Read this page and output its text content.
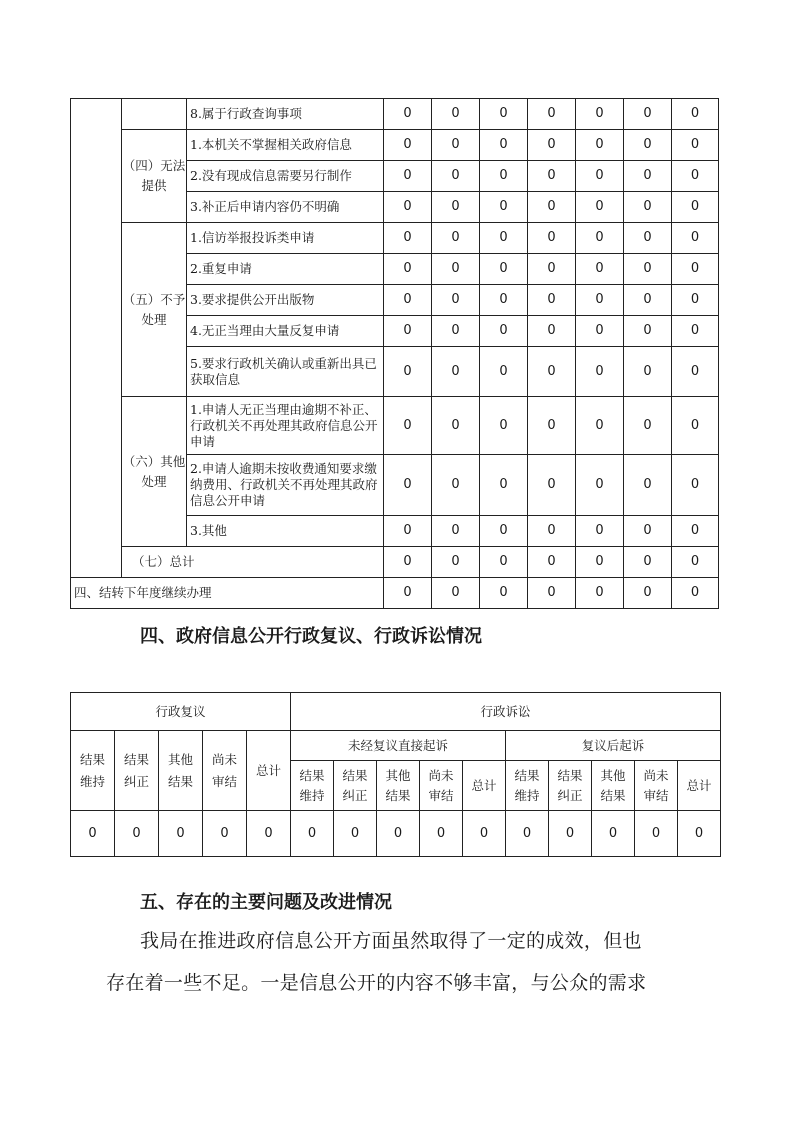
		8.属于行政查询事项	0	0	0	0	0	0	0
	（四）无法提供	1.本机关不掌握相关政府信息	0	0	0	0	0	0	0
		2.没有现成信息需要另行制作	0	0	0	0	0	0	0
		3.补正后申请内容仍不明确	0	0	0	0	0	0	0
	（五）不予处理	1.信访举报投诉类申请	0	0	0	0	0	0	0
		2.重复申请	0	0	0	0	0	0	0
		3.要求提供公开出版物	0	0	0	0	0	0	0
		4.无正当理由大量反复申请	0	0	0	0	0	0	0
		5.要求行政机关确认或重新出具已获取信息	0	0	0	0	0	0	0
	（六）其他处理	1.申请人无正当理由逾期不补正、行政机关不再处理其政府信息公开申请	0	0	0	0	0	0	0
		2.申请人逾期未按收费通知要求缴纳费用、行政机关不再处理其政府信息公开申请	0	0	0	0	0	0	0
		3.其他	0	0	0	0	0	0	0
	（七）总计		0	0	0	0	0	0	0
四、结转下年度继续办理			0	0	0	0	0	0	0
四、政府信息公开行政复议、行政诉讼情况
行政复议					行政诉讼									
结果维持	结果纠正	其他结果	尚未审结	总计	未经复议直接起诉					复议后起诉				
					结果维持	结果纠正	其他结果	尚未审结	总计	结果维持	结果纠正	其他结果	尚未审结	总计
0	0	0	0	0	0	0	0	0	0	0	0	0	0	0
五、存在的主要问题及改进情况

我局在推进政府信息公开方面虽然取得了一定的成效，但也

存在着一些不足。一是信息公开的内容不够丰富，与公众的需求
